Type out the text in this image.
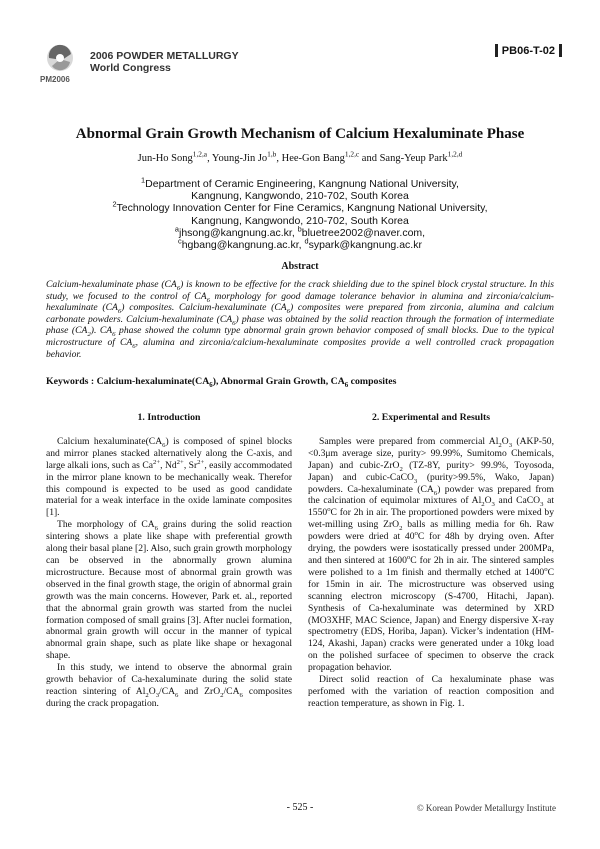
PM2006
2006 POWDER METALLURGY
World Congress
PB06-T-02
Abnormal Grain Growth Mechanism of Calcium Hexaluminate Phase
Jun-Ho Song$^{1,2,a}$, Young-Jin Jo$^{1,b}$, Hee-Gon Bang$^{1,2,c}$ and Sang-Yeup Park$^{1,2,d}$
$^1$Department of Ceramic Engineering, Kangnung National University,
Kangnung, Kangwondo, 210-702, South Korea
$^2$Technology Innovation Center for Fine Ceramics, Kangnung National University,
Kangnung, Kangwondo, 210-702, South Korea
$^a$jhsong@kangnung.ac.kr, $^b$bluetree2002@naver.com,
$^c$hgbang@kangnung.ac.kr, $^d$sypark@kangnung.ac.kr
Abstract
Calcium-hexaluminate phase $(CA_6)$ is known to be effective for the crack shielding due to the spinel block crystal structure. In this study, we focused to the control of $CA_6$ morphology for good damage tolerance behavior in alumina and zirconia/calcium-hexaluminate $(CA_6)$ composites. Calcium-hexaluminate $(CA_6)$ composites were prepared from zirconia, alumina and calcium carbonate powders. Calcium-hexaluminate $(CA_6)$ phase was obtained by the solid reaction through the formation of intermediate phase $(CA_2)$. $CA_6$ phase showed the column type abnormal grain grown behavior composed of small blocks. Due to the typical microstructure of $CA_6$, alumina and zirconia/calcium-hexaluminate composites provide a well controlled crack propagation behavior.
Keywords : Calcium-$hexaluminate(CA_6)$, Abnormal Grain Growth, $CA_6$ composites
1. Introduction

Calcium $hexaluminate(CA_6)$ is composed of spinel blocks and mirror planes stacked alternatively along the C-axis, and large alkali ions, such as $Ca^{2+}$, $Nd^{2+}$, $Sr^{2+}$, easily accommodated in the mirror plane known to be mechanically weak. Therefor this compound is expected to be used as good candidate material for a weak interface in the oxide laminate composites [1].

The morphology of $CA_6$ grains during the solid reaction sintering shows a plate like shape with preferential growth along their basal plane [2]. Also, such grain growth morphology can be observed in the abnormally grown alumina microstructure. Because most of abnormal grain growth was observed in the final growth stage, the origin of abnormal grain growth was the main concerns. However, Park et. al., reported that the abnormal grain growth was started from the nuclei formation composed of small grains [3]. After nuclei formation, abnormal grain growth will occur in the manner of typical abnormal grain shape, such as plate like shape or hexagonal shape.

In this study, we intend to observe the abnormal grain growth behavior of Ca-hexaluminate during the solid state reaction sintering of $Al_2O_3/CA_6$ and $ZrO_2/CA_6$ composites during the crack propagation.

2. Experimental and Results

Samples were prepared from commercial $Al_2O_3$ (AKP-50, <0.3μm average size, purity> 99.99%, Sumitomo Chemicals, Japan) and cubic-ZrO$_2$ (TZ-8Y, purity> 99.9%, Toyosoda, Japan) and cubic-CaCO$_3$ (purity>99.5%, Wako, Japan) powders. Ca-hexaluminate $(CA_6)$ powder was prepared from the calcination of equimolar mixtures of $Al_2O_3$ and CaCO$_3$ at 1550$^o$C for 2h in air. The proportioned powders were mixed by wet-milling using ZrO$_2$ balls as milling media for 6h. Raw powders were dried at 40$^o$C for 48h by drying oven. After drying, the powders were isostatically pressed under 200MPa, and then sintered at 1600$^o$C for 2h in air. The sintered samples were polished to a 1m finish and thermally etched at 1400$^o$C for 15min in air. The microstructure was observed using scanning electron microscopy (S-4700, Hitachi, Japan). Synthesis of Ca-hexaluminate was determined by XRD (MO3XHF, MAC Science, Japan) and Energy dispersive X-ray spectrometry (EDS, Horiba, Japan). Vicker’s indentation (HM-124, Akashi, Japan) cracks were generated under a 10kg load on the polished surfacee of specimen to observe the crack propagation behavior.

Direct solid reaction of Ca hexaluminate phase was perfomed with the variation of reaction composition and reaction temperature, as shown in Fig. 1.

- 525 -	© Korean Powder Metallurgy Institute
